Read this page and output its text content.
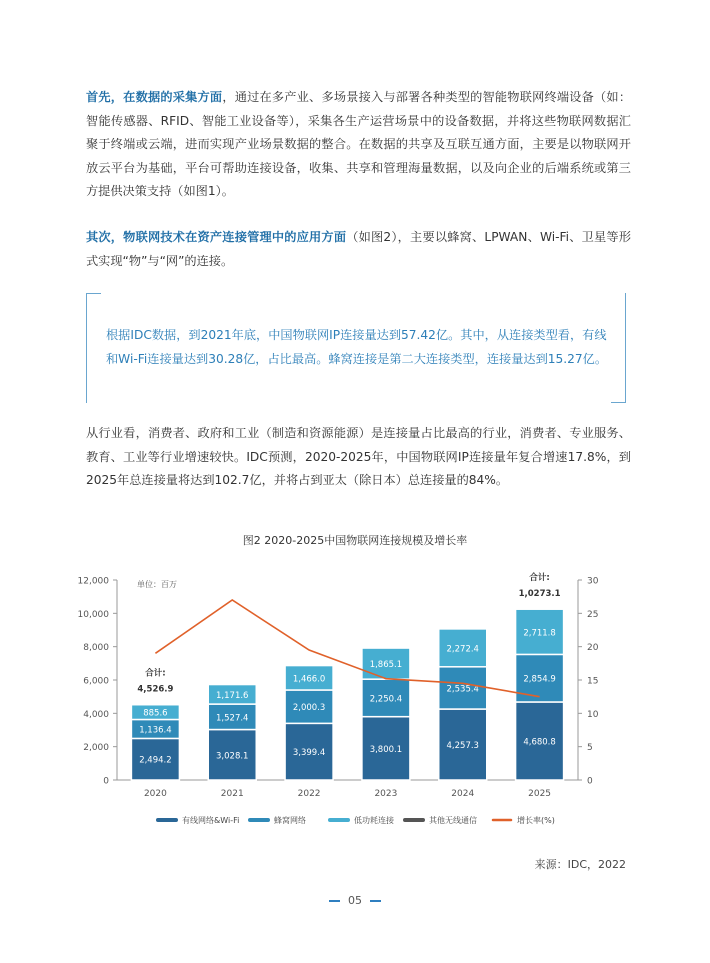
首先，在数据的采集方面，通过在多产业、多场景接入与部署各种类型的智能物联网终端设备（如：智能传感器、RFID、智能工业设备等），采集各生产运营场景中的设备数据，并将这些物联网数据汇聚于终端或云端，进而实现产业场景数据的整合。在数据的共享及互联互通方面，主要是以物联网开放云平台为基础，平台可帮助连接设备，收集、共享和管理海量数据，以及向企业的后端系统或第三方提供决策支持（如图1）。
其次，物联网技术在资产连接管理中的应用方面（如图2），主要以蜂窝、LPWAN、Wi-Fi、卫星等形式实现“物”与“网”的连接。
根据IDC数据，到2021年底，中国物联网IP连接量达到57.42亿。其中，从连接类型看，有线和Wi-Fi连接量达到30.28亿，占比最高。蜂窝连接是第二大连接类型，连接量达到15.27亿。
从行业看，消费者、政府和工业（制造和资源能源）是连接量占比最高的行业，消费者、专业服务、教育、工业等行业增速较快。IDC预测，2020-2025年，中国物联网IP连接量年复合增速17.8%，到2025年总连接量将达到102.7亿，并将占到亚太（除日本）总连接量的84%。
图2 2020-2025中国物联网连接规模及增长率
0
2,000
4,000
6,000
8,000
10,000
12,000
0
5
10
15
20
25
30
单位：百万
2020	2021	2022	2023	2024	2025
2,494.2
1,136.4
885.6
3,028.1
1,527.4
1,171.6
3,399.4
2,000.3
1,466.0
3,800.1
2,250.4
1,865.1
4,257.3
2,535.4
2,272.4
4,680.8
2,854.9
2,711.8
合计:
4,526.9
合计:
1,0273.1
有线网络&Wi-Fi	蜂窝网络	低功耗连接	其他无线通信	增长率(%)
来源：IDC，2022
05
